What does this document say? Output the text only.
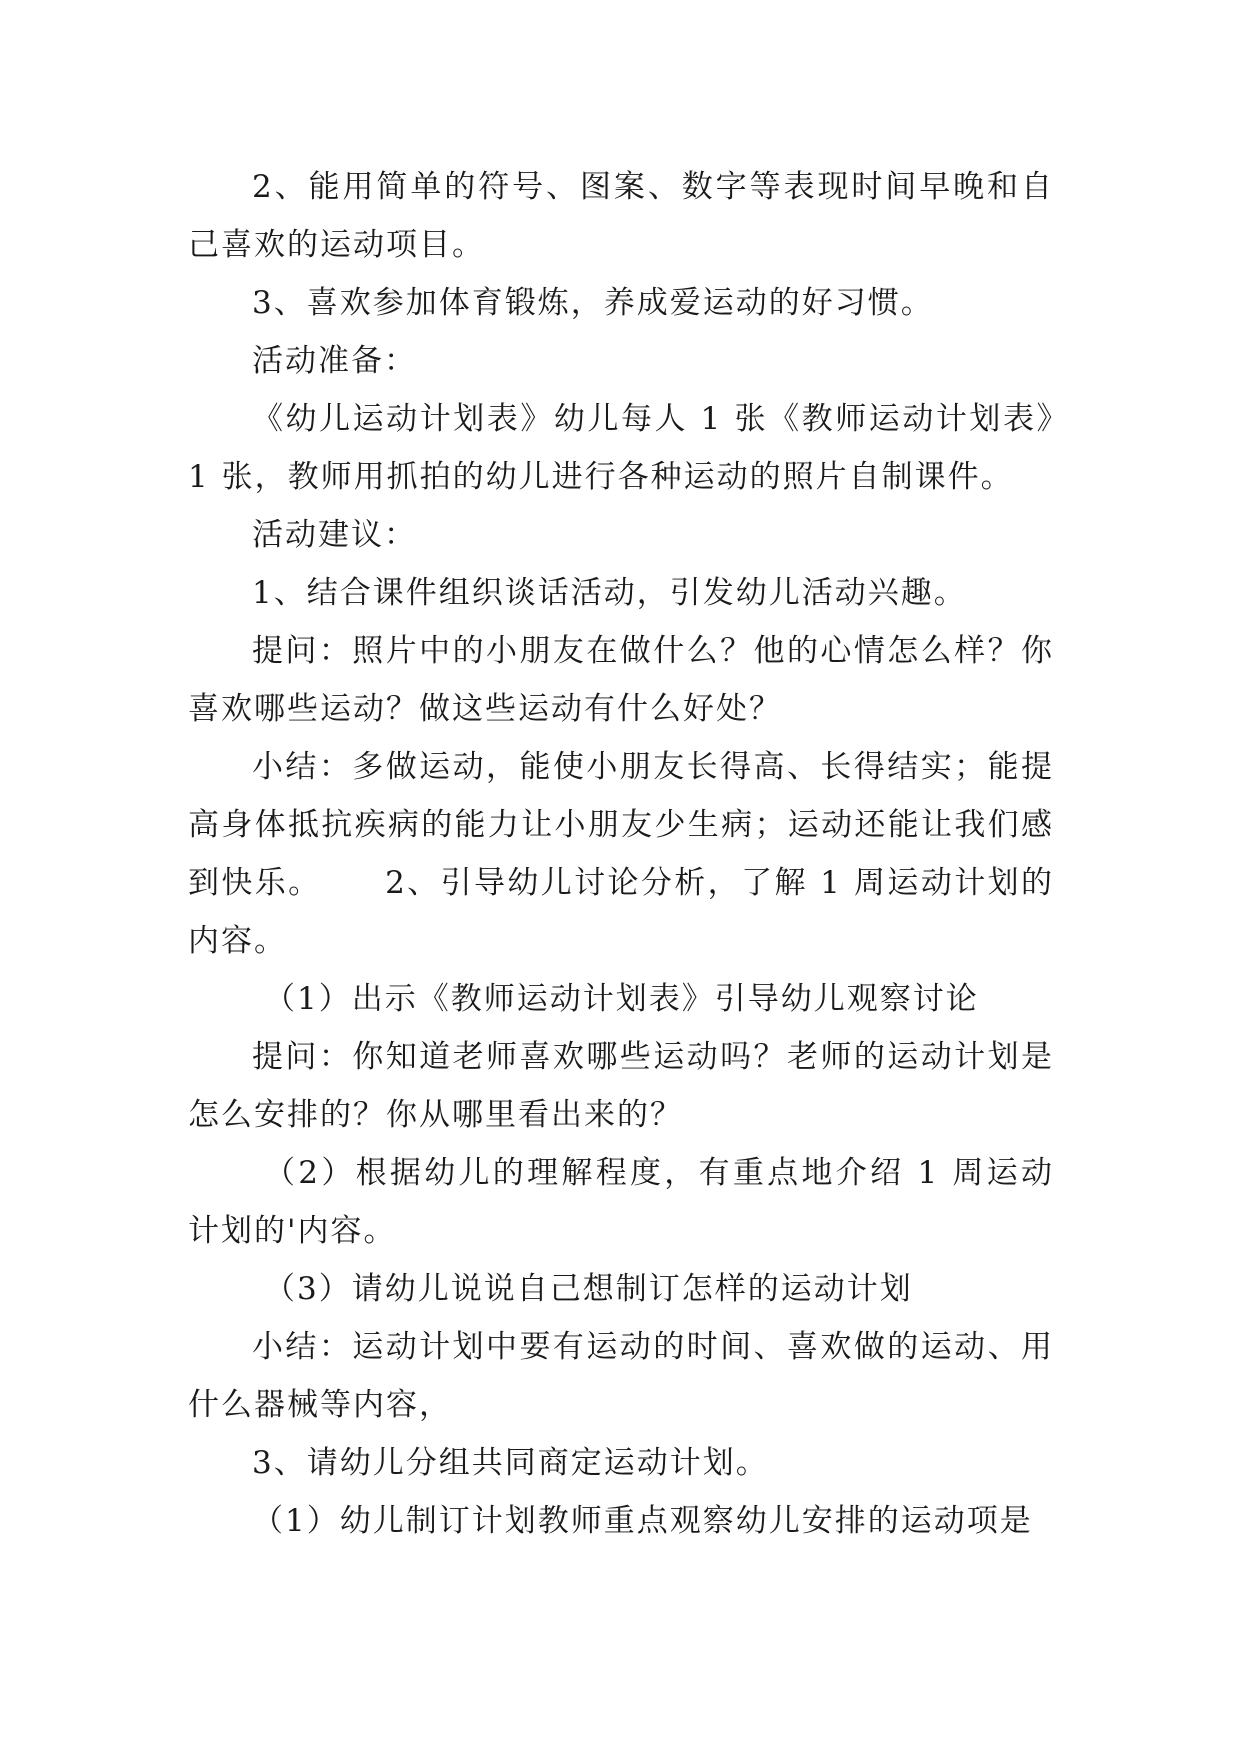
2、能用简单的符号、图案、数字等表现时间早晚和自己喜欢的运动项目。

3、喜欢参加体育锻炼，养成爱运动的好习惯。

活动准备：

《幼儿运动计划表》幼儿每人 1 张《教师运动计划表》1 张，教师用抓拍的幼儿进行各种运动的照片自制课件。

活动建议：

1、结合课件组织谈话活动，引发幼儿活动兴趣。

提问：照片中的小朋友在做什么？他的心情怎么样？你喜欢哪些运动？做这些运动有什么好处？

小结：多做运动，能使小朋友长得高、长得结实；能提高身体抵抗疾病的能力让小朋友少生病；运动还能让我们感到快乐。　　 2、引导幼儿讨论分析，了解 1 周运动计划的内容。

（1）出示《教师运动计划表》引导幼儿观察讨论

提问：你知道老师喜欢哪些运动吗？老师的运动计划是怎么安排的？你从哪里看出来的？

（2）根据幼儿的理解程度，有重点地介绍 1 周运动计划的'内容。

（3）请幼儿说说自己想制订怎样的运动计划

小结：运动计划中要有运动的时间、喜欢做的运动、用什么器械等内容，

3、请幼儿分组共同商定运动计划。

（1）幼儿制订计划教师重点观察幼儿安排的运动项是
